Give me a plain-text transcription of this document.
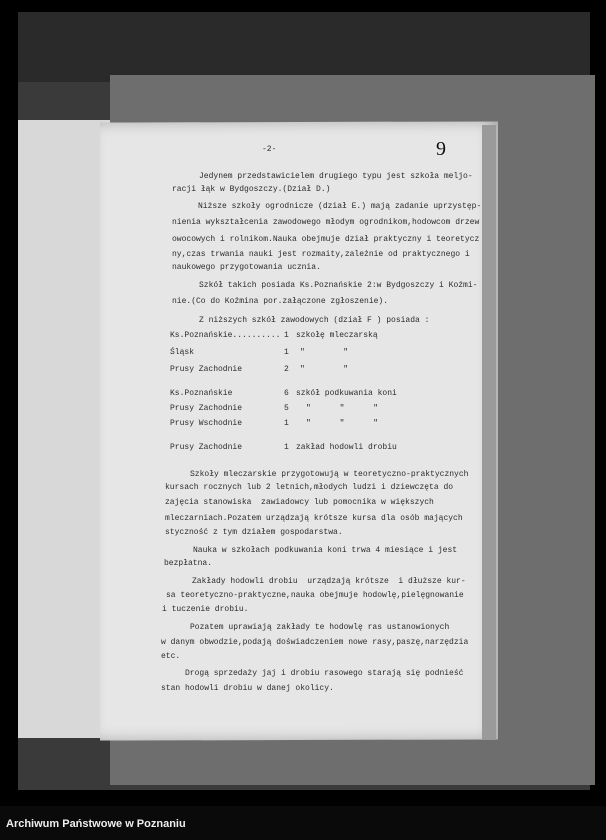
-2-	9
Jedynem przedstawicielem drugiego typu jest szkoła meljo-
racji łąk w Bydgoszczy.(Dział D.)
Niższe szkoły ogrodnicze (dział E.) mają zadanie uprzystęp-
nienia wykształcenia zawodowego młodym ogrodnikom,hodowcom drzew
owocowych i rolnikom.Nauka obejmuje dział praktyczny i teoretycz
ny,czas trwania nauki jest rozmaity,zależnie od praktycznego i
naukowego przygotowania ucznia.
Szkół takich posiada Ks.Poznańskie 2:w Bydgoszczy i Koźmi-
nie.(Co do Koźmina por.załączone zgłoszenie).
Z niższych szkół zawodowych (dział F ) posiada :
Ks.Poznańskie.......... 1 szkołę mleczarską
Śląsk	1 "        "
Prusy Zachodnie	2 "        "
Ks.Poznańskie	6 szkół podkuwania koni
Prusy Zachodnie	5 "      "      "
Prusy Wschodnie	1 "      "      "
Prusy Zachodnie	1 zakład hodowli drobiu
Szkoły mleczarskie przygotowują w teoretyczno-praktycznych
kursach rocznych lub 2 letnich,młodych ludzi i dziewczęta do
zajęcia stanowiska  zawiadowcy lub pomocnika w większych
mleczarniach.Pozatem urządzają krótsze kursa dla osób mających
styczność z tym działem gospodarstwa.
Nauka w szkołach podkuwania koni trwa 4 miesiące i jest
bezpłatna.
Zakłady hodowli drobiu  urządzają krótsze  i dłuższe kur-
sa teoretyczno-praktyczne,nauka obejmuje hodowlę,pielęgnowanie
i tuczenie drobiu.
Pozatem uprawiają zakłady te hodowlę ras ustanowionych
w danym obwodzie,podają doświadczeniem nowe rasy,paszę,narzędzia
etc.
Drogą sprzedaży jaj i drobiu rasowego starają się podnieść
stan hodowli drobiu w danej okolicy.
Archiwum Państwowe w Poznaniu
